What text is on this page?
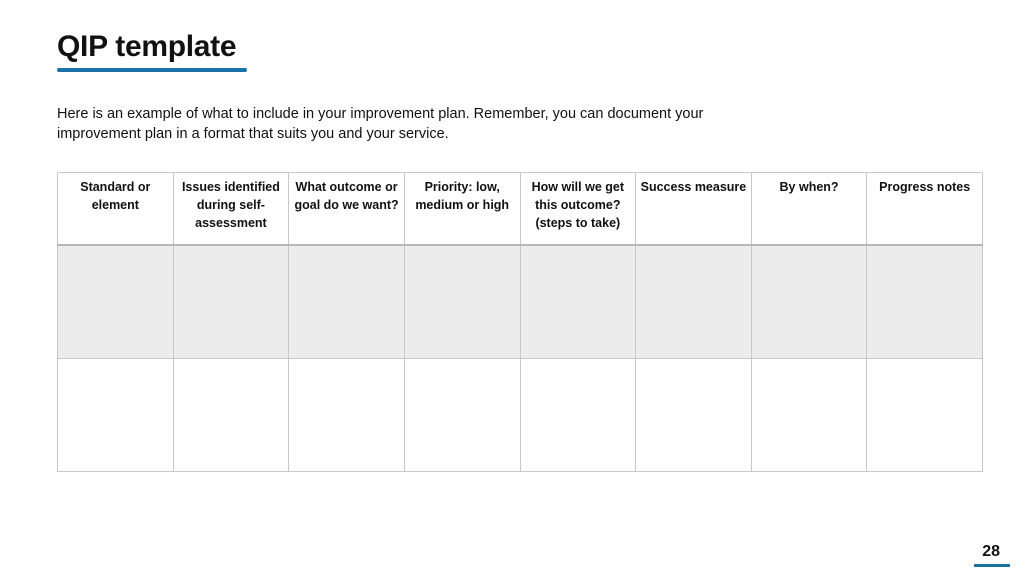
QIP template
Here is an example of what to include in your improvement plan. Remember, you can document your improvement plan in a format that suits you and your service.
Standard or element	Issues identified during self-assessment	What outcome or goal do we want?	Priority: low, medium or high	How will we get this outcome? (steps to take)	Success measure	By when?	Progress notes

28
